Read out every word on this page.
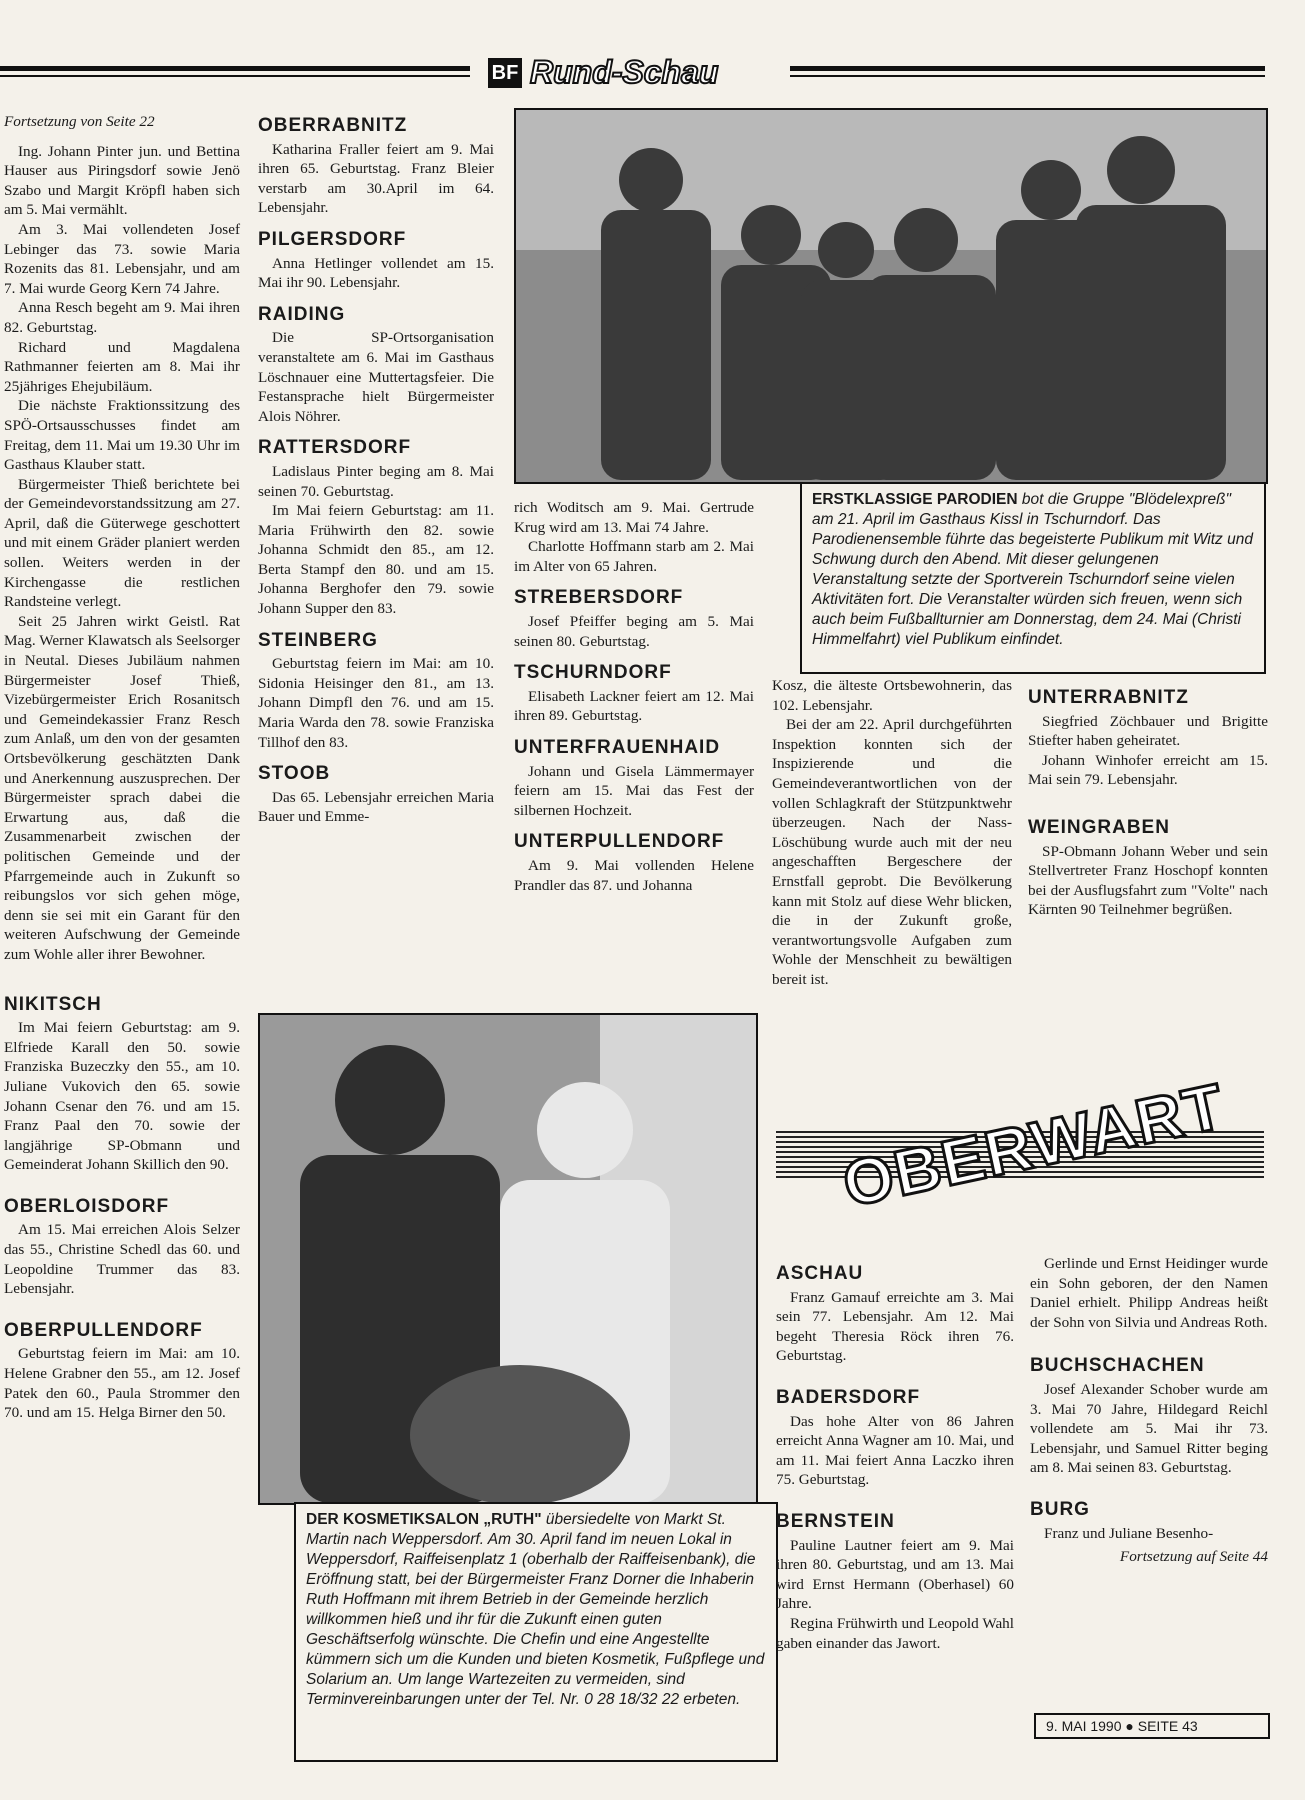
BF Rund-Schau

Fortsetzung von Seite 22

Ing. Johann Pinter jun. und Bettina Hauser aus Piringsdorf sowie Jenö Szabo und Margit Kröpfl haben sich am 5. Mai vermählt.

Am 3. Mai vollendeten Josef Lebinger das 73. sowie Maria Rozenits das 81. Lebensjahr, und am 7. Mai wurde Georg Kern 74 Jahre.

Anna Resch begeht am 9. Mai ihren 82. Geburtstag.

Richard und Magdalena Rathmanner feierten am 8. Mai ihr 25jähriges Ehejubiläum.

Die nächste Fraktionssitzung des SPÖ-Ortsausschusses findet am Freitag, dem 11. Mai um 19.30 Uhr im Gasthaus Klauber statt.

Bürgermeister Thieß berichtete bei der Gemeindevorstandssitzung am 27. April, daß die Güterwege geschottert und mit einem Gräder planiert werden sollen. Weiters werden in der Kirchengasse die restlichen Randsteine verlegt.

Seit 25 Jahren wirkt Geistl. Rat Mag. Werner Klawatsch als Seelsorger in Neutal. Dieses Jubiläum nahmen Bürgermeister Josef Thieß, Vizebürgermeister Erich Rosanitsch und Gemeindekassier Franz Resch zum Anlaß, um den von der gesamten Ortsbevölkerung geschätzten Dank und Anerkennung auszusprechen. Der Bürgermeister sprach dabei die Erwartung aus, daß die Zusammenarbeit zwischen der politischen Gemeinde und der Pfarrgemeinde auch in Zukunft so reibungslos vor sich gehen möge, denn sie sei mit ein Garant für den weiteren Aufschwung der Gemeinde zum Wohle aller ihrer Bewohner.

NIKITSCH

Im Mai feiern Geburtstag: am 9. Elfriede Karall den 50. sowie Franziska Buzeczky den 55., am 10. Juliane Vukovich den 65. sowie Johann Csenar den 76. und am 15. Franz Paal den 70. sowie der langjährige SP-Obmann und Gemeinderat Johann Skillich den 90.

OBERLOISDORF

Am 15. Mai erreichen Alois Selzer das 55., Christine Schedl das 60. und Leopoldine Trummer das 83. Lebensjahr.

OBERPULLENDORF

Geburtstag feiern im Mai: am 10. Helene Grabner den 55., am 12. Josef Patek den 60., Paula Strommer den 70. und am 15. Helga Birner den 50.

OBERRABNITZ

Katharina Fraller feiert am 9. Mai ihren 65. Geburtstag. Franz Bleier verstarb am 30.April im 64. Lebensjahr.

PILGERSDORF

Anna Hetlinger vollendet am 15. Mai ihr 90. Lebensjahr.

RAIDING

Die SP-Ortsorganisation veranstaltete am 6. Mai im Gasthaus Löschnauer eine Muttertagsfeier. Die Festansprache hielt Bürgermeister Alois Nöhrer.

RATTERSDORF

Ladislaus Pinter beging am 8. Mai seinen 70. Geburtstag.

Im Mai feiern Geburtstag: am 11. Maria Frühwirth den 82. sowie Johanna Schmidt den 85., am 12. Berta Stampf den 80. und am 15. Johanna Berghofer den 79. sowie Johann Supper den 83.

STEINBERG

Geburtstag feiern im Mai: am 10. Sidonia Heisinger den 81., am 13. Johann Dimpfl den 76. und am 15. Maria Warda den 78. sowie Franziska Tillhof den 83.

STOOB

Das 65. Lebensjahr erreichen Maria Bauer und Emme-

ERSTKLASSIGE PARODIEN bot die Gruppe "Blödelexpreß" am 21. April im Gasthaus Kissl in Tschurndorf. Das Parodienensemble führte das begeisterte Publikum mit Witz und Schwung durch den Abend. Mit dieser gelungenen Veranstaltung setzte der Sportverein Tschurndorf seine vielen Aktivitäten fort. Die Veranstalter würden sich freuen, wenn sich auch beim Fußballturnier am Donnerstag, dem 24. Mai (Christi Himmelfahrt) viel Publikum einfindet.

rich Woditsch am 9. Mai. Gertrude Krug wird am 13. Mai 74 Jahre.

Charlotte Hoffmann starb am 2. Mai im Alter von 65 Jahren.

STREBERSDORF

Josef Pfeiffer beging am 5. Mai seinen 80. Geburtstag.

TSCHURNDORF

Elisabeth Lackner feiert am 12. Mai ihren 89. Geburtstag.

UNTERFRAUENHAID

Johann und Gisela Lämmermayer feiern am 15. Mai das Fest der silbernen Hochzeit.

UNTERPULLENDORF

Am 9. Mai vollenden Helene Prandler das 87. und Johanna

Kosz, die älteste Ortsbewohnerin, das 102. Lebensjahr.

Bei der am 22. April durchgeführten Inspektion konnten sich der Inspizierende und die Gemeindeverantwortlichen von der vollen Schlagkraft der Stützpunktwehr überzeugen. Nach der Nass-Löschübung wurde auch mit der neu angeschafften Bergeschere der Ernstfall geprobt. Die Bevölkerung kann mit Stolz auf diese Wehr blicken, die in der Zukunft große, verantwortungsvolle Aufgaben zum Wohle der Menschheit zu bewältigen bereit ist.

UNTERRABNITZ

Siegfried Zöchbauer und Brigitte Stiefter haben geheiratet.

Johann Winhofer erreicht am 15. Mai sein 79. Lebensjahr.

WEINGRABEN

SP-Obmann Johann Weber und sein Stellvertreter Franz Hoschopf konnten bei der Ausflugsfahrt zum "Volte" nach Kärnten 90 Teilnehmer begrüßen.

DER KOSMETIKSALON „RUTH" übersiedelte von Markt St. Martin nach Weppersdorf. Am 30. April fand im neuen Lokal in Weppersdorf, Raiffeisenplatz 1 (oberhalb der Raiffeisenbank), die Eröffnung statt, bei der Bürgermeister Franz Dorner die Inhaberin Ruth Hoffmann mit ihrem Betrieb in der Gemeinde herzlich willkommen hieß und ihr für die Zukunft einen guten Geschäftserfolg wünschte. Die Chefin und eine Angestellte kümmern sich um die Kunden und bieten Kosmetik, Fußpflege und Solarium an. Um lange Wartezeiten zu vermeiden, sind Terminvereinbarungen unter der Tel. Nr. 0 28 18/32 22 erbeten.
OBERWART
ASCHAU

Franz Gamauf erreichte am 3. Mai sein 77. Lebensjahr. Am 12. Mai begeht Theresia Röck ihren 76. Geburtstag.

BADERSDORF

Das hohe Alter von 86 Jahren erreicht Anna Wagner am 10. Mai, und am 11. Mai feiert Anna Laczko ihren 75. Geburtstag.

BERNSTEIN

Pauline Lautner feiert am 9. Mai ihren 80. Geburtstag, und am 13. Mai wird Ernst Hermann (Oberhasel) 60 Jahre.

Regina Frühwirth und Leopold Wahl gaben einander das Jawort.

Gerlinde und Ernst Heidinger wurde ein Sohn geboren, der den Namen Daniel erhielt. Philipp Andreas heißt der Sohn von Silvia und Andreas Roth.

BUCHSCHACHEN

Josef Alexander Schober wurde am 3. Mai 70 Jahre, Hildegard Reichl vollendete am 5. Mai ihr 73. Lebensjahr, und Samuel Ritter beging am 8. Mai seinen 83. Geburtstag.

BURG

Franz und Juliane Besenho-

Fortsetzung auf Seite 44

9. MAI 1990 ● SEITE 43
